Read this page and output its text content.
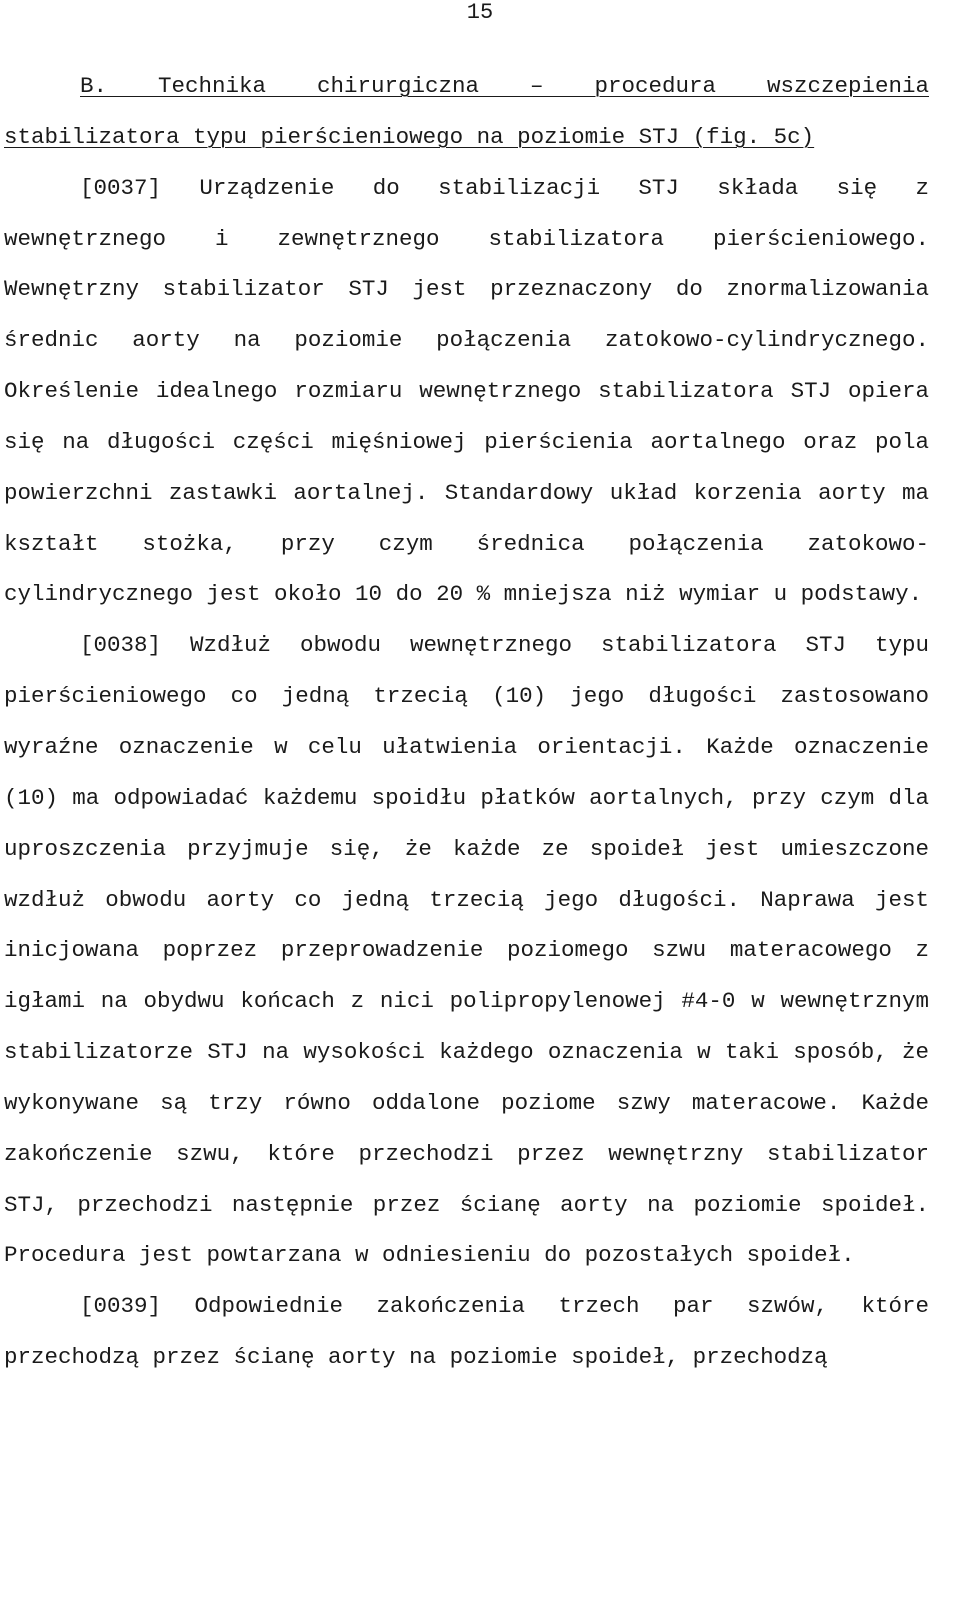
15

B. Technika chirurgiczna – procedura wszczepienia stabilizatora typu pierścieniowego na poziomie STJ (fig. 5c)

[0037] Urządzenie do stabilizacji STJ składa się z wewnętrznego i zewnętrznego stabilizatora pierścieniowego. Wewnętrzny stabilizator STJ jest przeznaczony do znormalizowania średnic aorty na poziomie połączenia zatokowo-cylindrycznego. Określenie idealnego rozmiaru wewnętrznego stabilizatora STJ opiera się na długości części mięśniowej pierścienia aortalnego oraz pola powierzchni zastawki aortalnej. Standardowy układ korzenia aorty ma kształt stożka, przy czym średnica połączenia zatokowo-cylindrycznego jest około 10 do 20 % mniejsza niż wymiar u podstawy.

[0038] Wzdłuż obwodu wewnętrznego stabilizatora STJ typu pierścieniowego co jedną trzecią (10) jego długości zastosowano wyraźne oznaczenie w celu ułatwienia orientacji. Każde oznaczenie (10) ma odpowiadać każdemu spoidłu płatków aortalnych, przy czym dla uproszczenia przyjmuje się, że każde ze spoideł jest umieszczone wzdłuż obwodu aorty co jedną trzecią jego długości. Naprawa jest inicjowana poprzez przeprowadzenie poziomego szwu materacowego z igłami na obydwu końcach z nici polipropylenowej #4-0 w wewnętrznym stabilizatorze STJ na wysokości każdego oznaczenia w taki sposób, że wykonywane są trzy równo oddalone poziome szwy materacowe. Każde zakończenie szwu, które przechodzi przez wewnętrzny stabilizator STJ, przechodzi następnie przez ścianę aorty na poziomie spoideł. Procedura jest powtarzana w odniesieniu do pozostałych spoideł.

[0039] Odpowiednie zakończenia trzech par szwów, które przechodzą przez ścianę aorty na poziomie spoideł, przechodzą
